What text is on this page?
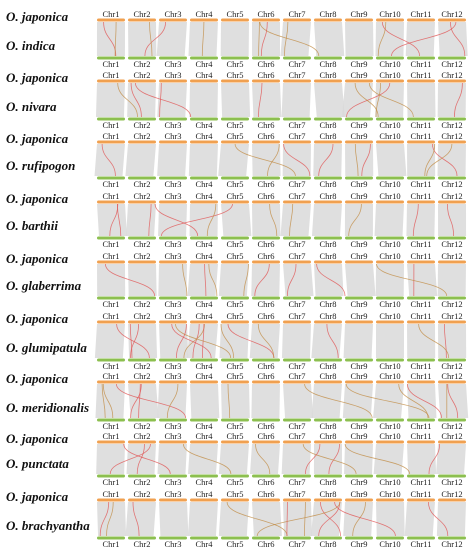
O. japonica
O. indica
Chr1
Chr1
Chr2
Chr2
Chr3
Chr3
Chr4
Chr4
Chr5
Chr5
Chr6
Chr6
Chr7
Chr7
Chr8
Chr8
Chr9
Chr9
Chr10
Chr10
Chr11
Chr11
Chr12
Chr12
O. japonica
O. nivara
Chr1
Chr1
Chr2
Chr2
Chr3
Chr3
Chr4
Chr4
Chr5
Chr5
Chr6
Chr6
Chr7
Chr7
Chr8
Chr8
Chr9
Chr9
Chr10
Chr10
Chr11
Chr11
Chr12
Chr12
O. japonica
O. rufipogon
Chr1
Chr1
Chr2
Chr2
Chr3
Chr3
Chr4
Chr4
Chr5
Chr5
Chr6
Chr6
Chr7
Chr7
Chr8
Chr8
Chr9
Chr9
Chr10
Chr10
Chr11
Chr11
Chr12
Chr12
O. japonica
O. barthii
Chr1
Chr1
Chr2
Chr2
Chr3
Chr3
Chr4
Chr4
Chr5
Chr5
Chr6
Chr6
Chr7
Chr7
Chr8
Chr8
Chr9
Chr9
Chr10
Chr10
Chr11
Chr11
Chr12
Chr12
O. japonica
O. glaberrima
Chr1
Chr1
Chr2
Chr2
Chr3
Chr3
Chr4
Chr4
Chr5
Chr5
Chr6
Chr6
Chr7
Chr7
Chr8
Chr8
Chr9
Chr9
Chr10
Chr10
Chr11
Chr11
Chr12
Chr12
O. japonica
O. glumipatula
Chr1
Chr1
Chr2
Chr2
Chr3
Chr3
Chr4
Chr4
Chr5
Chr5
Chr6
Chr6
Chr7
Chr7
Chr8
Chr8
Chr9
Chr9
Chr10
Chr10
Chr11
Chr11
Chr12
Chr12
O. japonica
O. meridionalis
Chr1
Chr1
Chr2
Chr2
Chr3
Chr3
Chr4
Chr4
Chr5
Chr5
Chr6
Chr6
Chr7
Chr7
Chr8
Chr8
Chr9
Chr9
Chr10
Chr10
Chr11
Chr11
Chr12
Chr12
O. japonica
O. punctata
Chr1
Chr1
Chr2
Chr2
Chr3
Chr3
Chr4
Chr4
Chr5
Chr5
Chr6
Chr6
Chr7
Chr7
Chr8
Chr8
Chr9
Chr9
Chr10
Chr10
Chr11
Chr11
Chr12
Chr12
O. japonica
O. brachyantha
Chr1
Chr1
Chr2
Chr2
Chr3
Chr3
Chr4
Chr4
Chr5
Chr5
Chr6
Chr6
Chr7
Chr7
Chr8
Chr8
Chr9
Chr9
Chr10
Chr10
Chr11
Chr11
Chr12
Chr12
